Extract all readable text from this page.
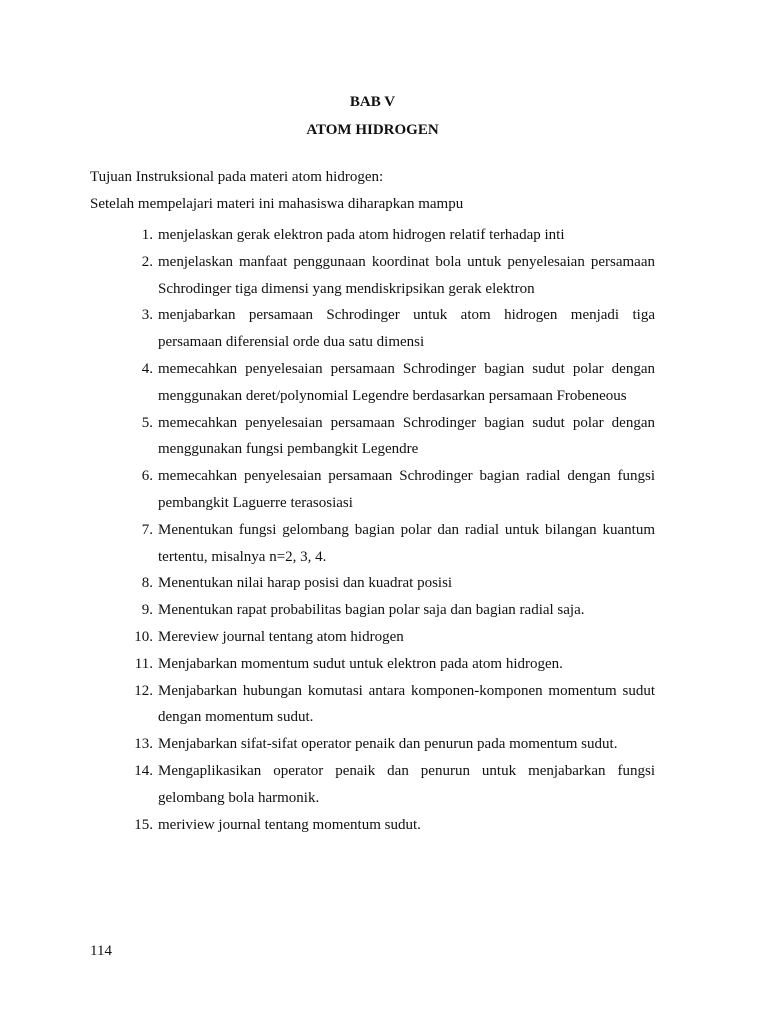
BAB V

ATOM HIDROGEN

Tujuan Instruksional pada materi atom hidrogen:

Setelah mempelajari materi ini mahasiswa diharapkan mampu

1. menjelaskan gerak elektron pada atom hidrogen relatif terhadap inti
2. menjelaskan manfaat penggunaan koordinat bola untuk penyelesaian persamaan Schrodinger tiga dimensi yang mendiskripsikan gerak elektron
3. menjabarkan persamaan Schrodinger untuk atom hidrogen menjadi tiga persamaan diferensial orde dua satu dimensi
4. memecahkan penyelesaian persamaan Schrodinger bagian sudut polar dengan menggunakan deret/polynomial Legendre berdasarkan persamaan Frobeneous
5. memecahkan penyelesaian persamaan Schrodinger bagian sudut polar dengan menggunakan fungsi pembangkit Legendre
6. memecahkan penyelesaian persamaan Schrodinger bagian radial dengan fungsi pembangkit Laguerre terasosiasi
7. Menentukan fungsi gelombang bagian polar dan radial untuk bilangan kuantum tertentu, misalnya n=2, 3, 4.
8. Menentukan nilai harap posisi dan kuadrat posisi
9. Menentukan rapat probabilitas bagian polar saja dan bagian radial saja.
10. Mereview journal tentang atom hidrogen
11. Menjabarkan momentum sudut untuk elektron pada atom hidrogen.
12. Menjabarkan hubungan komutasi antara komponen-komponen momentum sudut dengan momentum sudut.
13. Menjabarkan sifat-sifat operator penaik dan penurun pada momentum sudut.
14. Mengaplikasikan operator penaik dan penurun untuk menjabarkan fungsi gelombang bola harmonik.
15. meriview journal tentang momentum sudut.
114
